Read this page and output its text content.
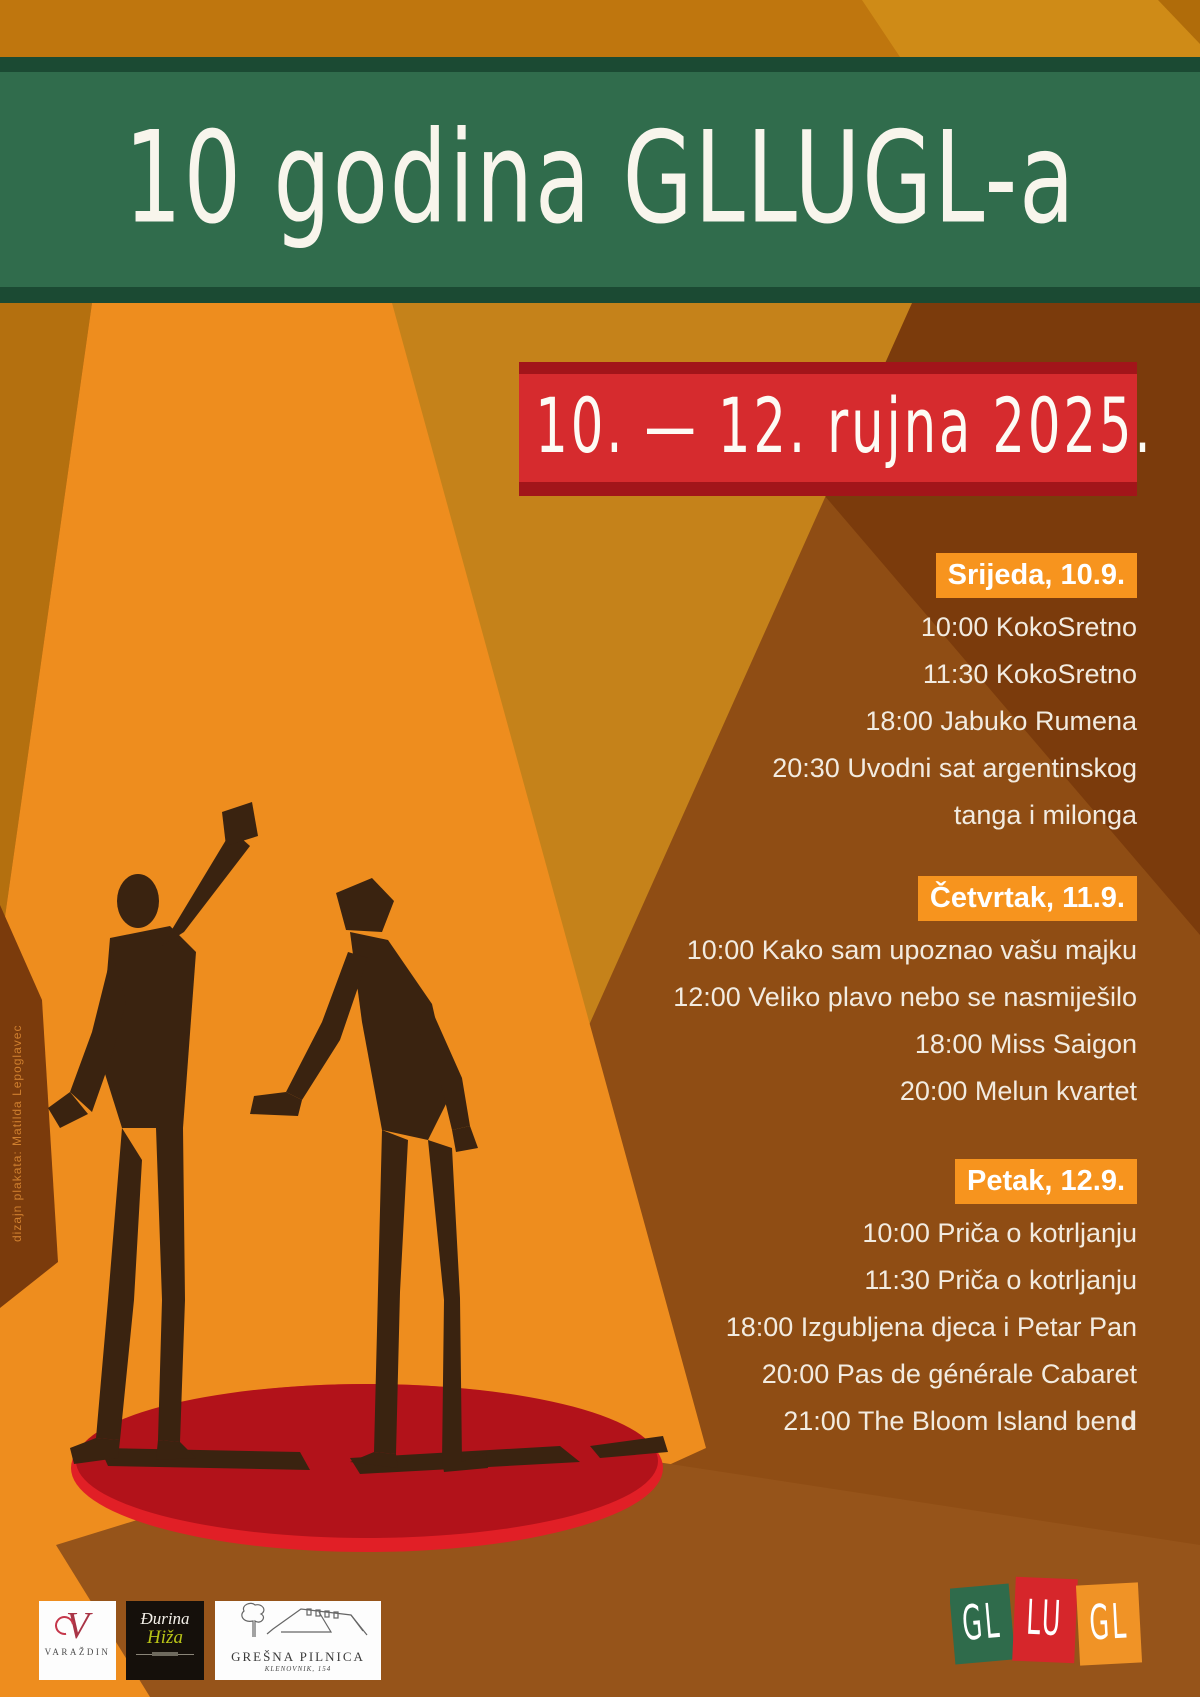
10 godina GLLUGL-a
10. — 12. rujna 2025.
Srijeda, 10.9.
10:00 KokoSretno
11:30 KokoSretno
18:00 Jabuko Rumena
20:30 Uvodni sat argentinskog
tanga i milonga
Četvrtak, 11.9.
10:00 Kako sam upoznao vašu majku
12:00 Veliko plavo nebo se nasmiješilo
18:00 Miss Saigon
20:00 Melun kvartet
Petak, 12.9.
10:00 Priča o kotrljanju
11:30 Priča o kotrljanju
18:00 Izgubljena djeca i Petar Pan
20:00 Pas de générale Cabaret
21:00 The Bloom Island bend
dizajn plakata: Matilda Lepoglavec
V
VARAŽDIN
Đurina
Hiža
GREŠNA PILNICA
KLENOVNIK, 154
GL LU GL
